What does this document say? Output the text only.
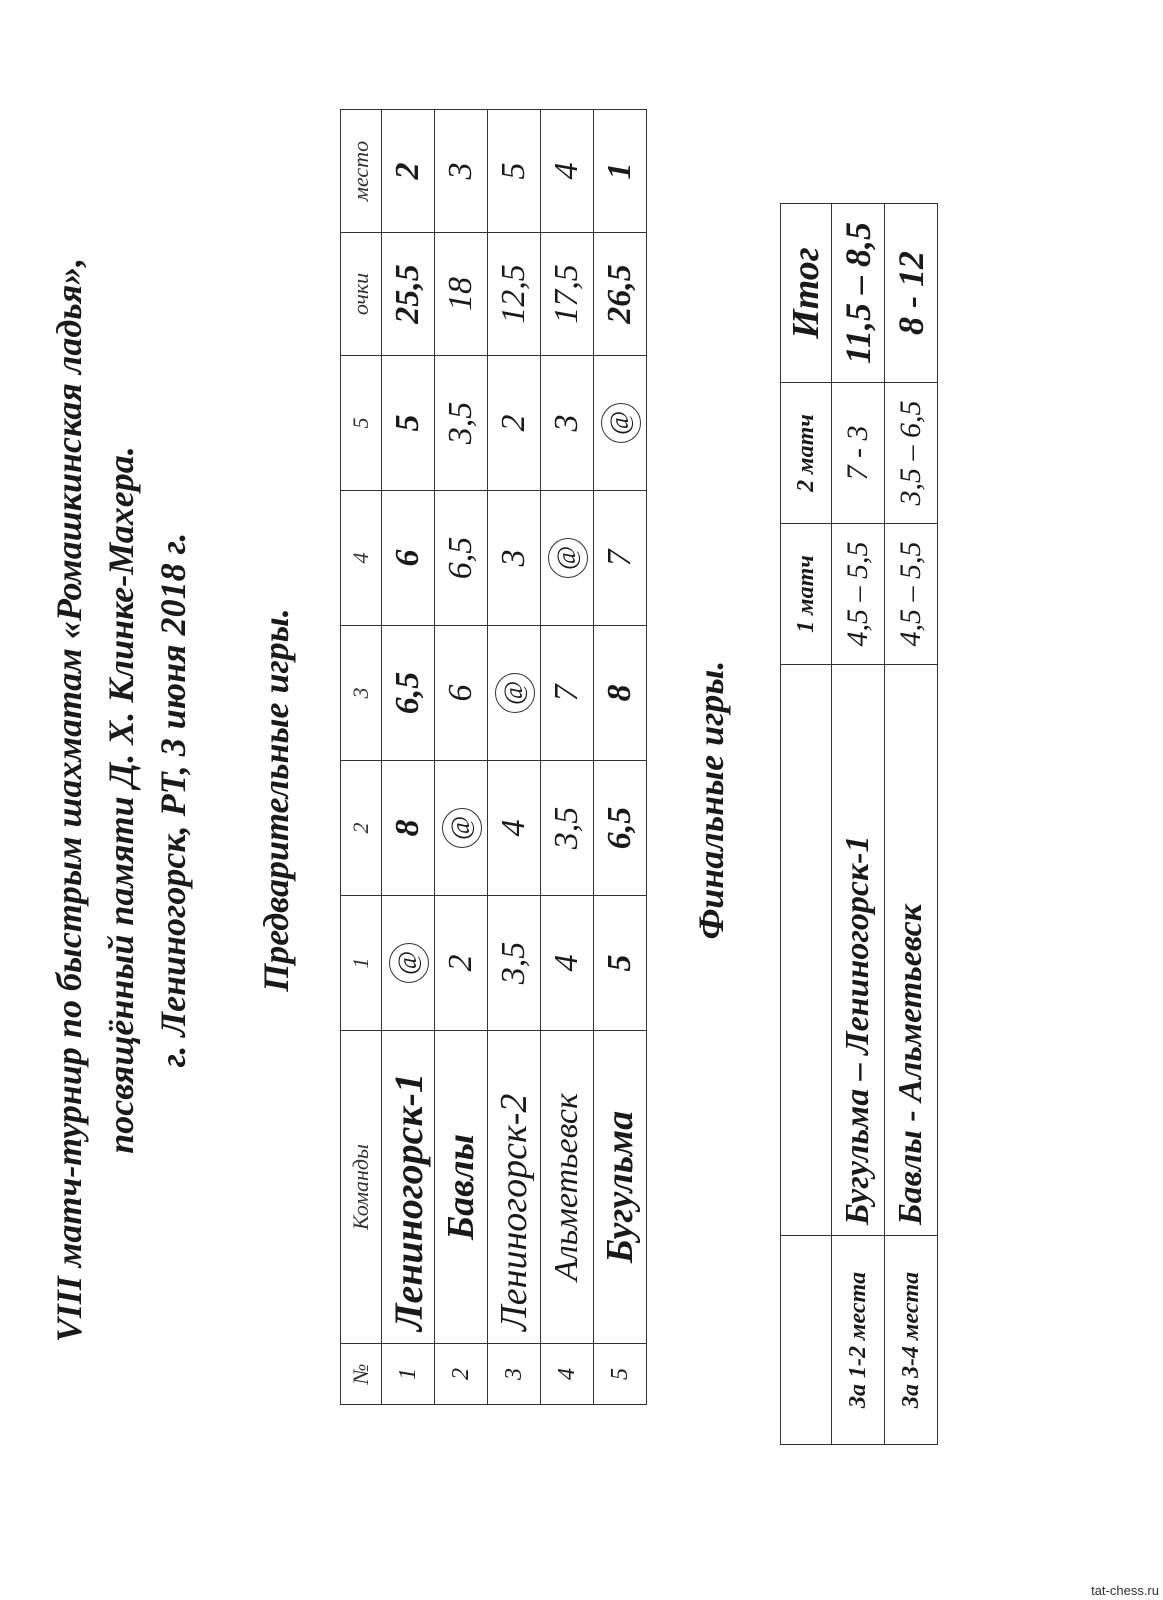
VIII матч-турнир по быстрым шахматам «Ромашкинская ладья», посвящённый памяти Д. Х. Клинке-Махера. г. Лениногорск, РТ, 3 июня 2018 г. Предварительные игры.
№	Команды	1	2	3	4	5	очки	место
1	Лениногорск-1	@	8	6,5	6	5	25,5	2
2	Бавлы	2	@	6	6,5	3,5	18	3
3	Лениногорск-2	3,5	4	@	3	2	12,5	5
4	Альметьевск	4	3,5	7	@	3	17,5	4
5	Бугульма	5	6,5	8	7	@	26,5	1
Финальные игры.
		1 матч	2 матч	Итог
За 1-2 места	Бугульма – Лениногорск-1	4,5 – 5,5	7 - 3	11,5 – 8,5
За 3-4 места	Бавлы - Альметьевск	4,5 – 5,5	3,5 – 6,5	8 - 12
tat-chess.ru
